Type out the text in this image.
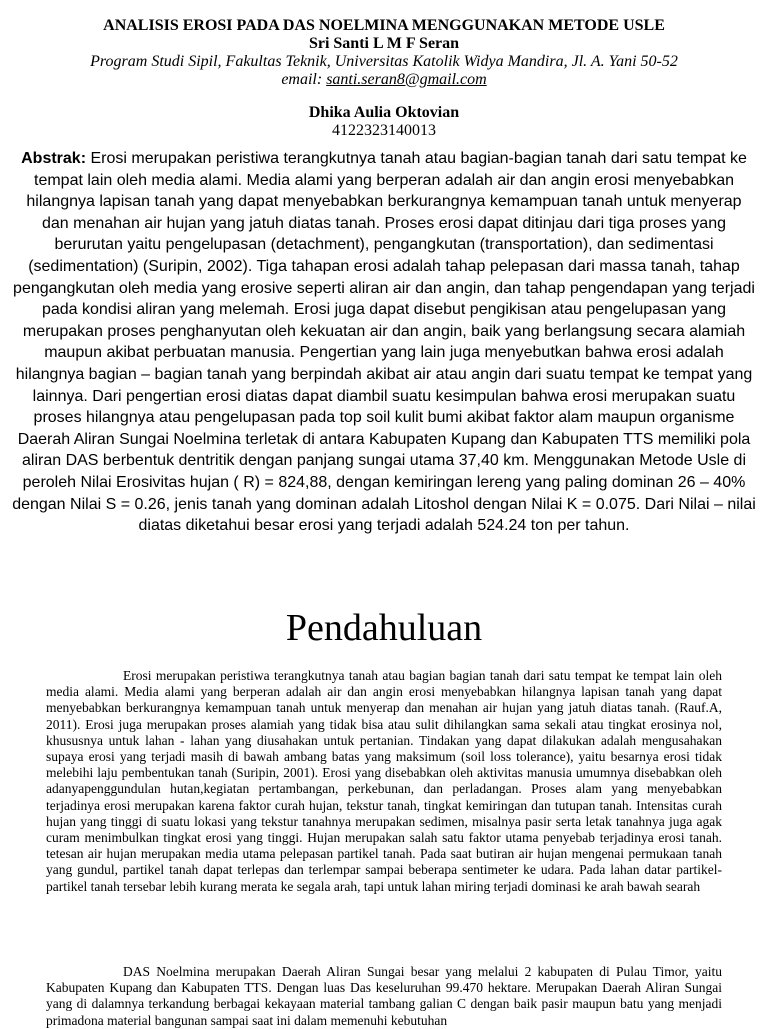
ANALISIS EROSI PADA DAS NOELMINA MENGGUNAKAN METODE USLE
Sri Santi L M F Seran
Program Studi Sipil, Fakultas Teknik, Universitas Katolik Widya Mandira, Jl. A. Yani 50-52
email: santi.seran8@gmail.com
Dhika Aulia Oktovian
4122323140013

Abstrak: Erosi merupakan peristiwa terangkutnya tanah atau bagian-bagian tanah dari satu tempat ke tempat lain oleh media alami. Media alami yang berperan adalah air dan angin erosi menyebabkan hilangnya lapisan tanah yang dapat menyebabkan berkurangnya kemampuan tanah untuk menyerap dan menahan air hujan yang jatuh diatas tanah. Proses erosi dapat ditinjau dari tiga proses yang berurutan yaitu pengelupasan (detachment), pengangkutan (transportation), dan sedimentasi (sedimentation) (Suripin, 2002). Tiga tahapan erosi adalah tahap pelepasan dari massa tanah, tahap pengangkutan oleh media yang erosive seperti aliran air dan angin, dan tahap pengendapan yang terjadi pada kondisi aliran yang melemah. Erosi juga dapat disebut pengikisan atau pengelupasan yang merupakan proses penghanyutan oleh kekuatan air dan angin, baik yang berlangsung secara alamiah maupun akibat perbuatan manusia. Pengertian yang lain juga menyebutkan bahwa erosi adalah hilangnya bagian – bagian tanah yang berpindah akibat air atau angin dari suatu tempat ke tempat yang lainnya. Dari pengertian erosi diatas dapat diambil suatu kesimpulan bahwa erosi merupakan suatu proses hilangnya atau pengelupasan pada top soil kulit bumi akibat faktor alam maupun organisme Daerah Aliran Sungai Noelmina terletak di antara Kabupaten Kupang dan Kabupaten TTS memiliki pola aliran DAS berbentuk dentritik dengan panjang sungai utama 37,40 km. Menggunakan Metode Usle di peroleh Nilai Erosivitas hujan ( R) = 824,88, dengan kemiringan lereng yang paling dominan 26 – 40% dengan Nilai S = 0.26, jenis tanah yang dominan adalah Litoshol dengan Nilai K = 0.075. Dari Nilai – nilai diatas diketahui besar erosi yang terjadi adalah 524.24 ton per tahun.

Pendahuluan

Erosi merupakan peristiwa terangkutnya tanah atau bagian bagian tanah dari satu tempat ke tempat lain oleh media alami. Media alami yang berperan adalah air dan angin erosi menyebabkan hilangnya lapisan tanah yang dapat menyebabkan berkurangnya kemampuan tanah untuk menyerap dan menahan air hujan yang jatuh diatas tanah. (Rauf.A, 2011). Erosi juga merupakan proses alamiah yang tidak bisa atau sulit dihilangkan sama sekali atau tingkat erosinya nol, khususnya untuk lahan - lahan yang diusahakan untuk pertanian. Tindakan yang dapat dilakukan adalah mengusahakan supaya erosi yang terjadi masih di bawah ambang batas yang maksimum (soil loss tolerance), yaitu besarnya erosi tidak melebihi laju pembentukan tanah (Suripin, 2001). Erosi yang disebabkan oleh aktivitas manusia umumnya disebabkan oleh adanyapenggundulan hutan,kegiatan pertambangan, perkebunan, dan perladangan. Proses alam yang menyebabkan terjadinya erosi merupakan karena faktor curah hujan, tekstur tanah, tingkat kemiringan dan tutupan tanah. Intensitas curah hujan yang tinggi di suatu lokasi yang tekstur tanahnya merupakan sedimen, misalnya pasir serta letak tanahnya juga agak curam menimbulkan tingkat erosi yang tinggi. Hujan merupakan salah satu faktor utama penyebab terjadinya erosi tanah. tetesan air hujan merupakan media utama pelepasan partikel tanah. Pada saat butiran air hujan mengenai permukaan tanah yang gundul, partikel tanah dapat terlepas dan terlempar sampai beberapa sentimeter ke udara. Pada lahan datar partikel- partikel tanah tersebar lebih kurang merata ke segala arah, tapi untuk lahan miring terjadi dominasi ke arah bawah searah

DAS Noelmina merupakan Daerah Aliran Sungai besar yang melalui 2 kabupaten di Pulau Timor, yaitu Kabupaten Kupang dan Kabupaten TTS. Dengan luas Das keseluruhan 99.470 hektare. Merupakan Daerah Aliran Sungai yang di dalamnya terkandung berbagai kekayaan material tambang galian C dengan baik pasir maupun batu yang menjadi primadona material bangunan sampai saat ini dalam memenuhi kebutuhan
